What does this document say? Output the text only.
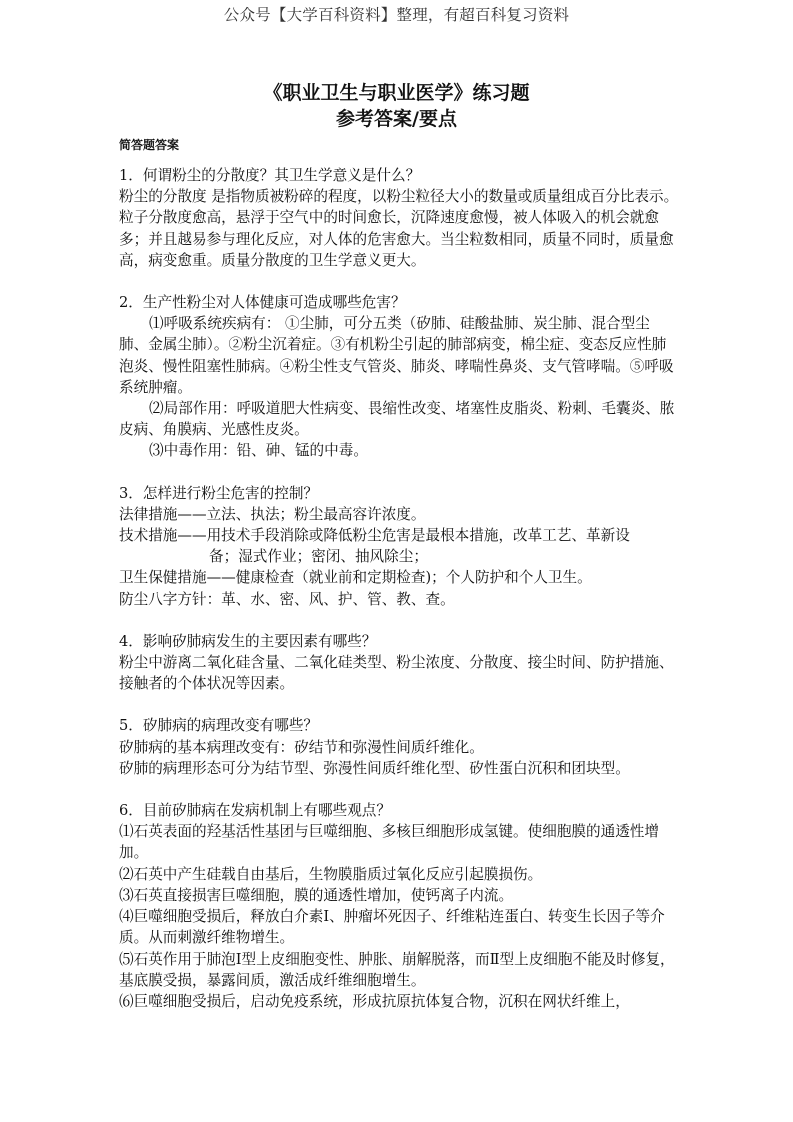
公众号【大学百科资料】整理，有超百科复习资料
《职业卫生与职业医学》练习题
参考答案/要点
简答题答案

1．何谓粉尘的分散度？其卫生学意义是什么？

粉尘的分散度 是指物质被粉碎的程度，以粉尘粒径大小的数量或质量组成百分比表示。

粒子分散度愈高，悬浮于空气中的时间愈长，沉降速度愈慢，被人体吸入的机会就愈多；并且越易参与理化反应，对人体的危害愈大。当尘粒数相同，质量不同时，质量愈高，病变愈重。质量分散度的卫生学意义更大。

2．生产性粉尘对人体健康可造成哪些危害？

⑴呼吸系统疾病有： ①尘肺，可分五类（矽肺、硅酸盐肺、炭尘肺、混合型尘肺、金属尘肺）。②粉尘沉着症。③有机粉尘引起的肺部病变，棉尘症、变态反应性肺泡炎、慢性阻塞性肺病。④粉尘性支气管炎、肺炎、哮喘性鼻炎、支气管哮喘。⑤呼吸系统肿瘤。

⑵局部作用：呼吸道肥大性病变、畏缩性改变、堵塞性皮脂炎、粉刺、毛囊炎、脓皮病、角膜病、光感性皮炎。

⑶中毒作用：铅、砷、锰的中毒。

3．怎样进行粉尘危害的控制？

法律措施——立法、执法；粉尘最高容许浓度。

技术措施——用技术手段消除或降低粉尘危害是最根本措施，改革工艺、革新设

备；湿式作业；密闭、抽风除尘；

卫生保健措施——健康检查（就业前和定期检查)；个人防护和个人卫生。

防尘八字方针：革、水、密、风、护、管、教、查。

4．影响矽肺病发生的主要因素有哪些？

粉尘中游离二氧化硅含量、二氧化硅类型、粉尘浓度、分散度、接尘时间、防护措施、接触者的个体状况等因素。

5．矽肺病的病理改变有哪些？

矽肺病的基本病理改变有：矽结节和弥漫性间质纤维化。

矽肺的病理形态可分为结节型、弥漫性间质纤维化型、矽性蛋白沉积和团块型。

6．目前矽肺病在发病机制上有哪些观点？

⑴石英表面的羟基活性基团与巨噬细胞、多核巨细胞形成氢键。使细胞膜的通透性增加。

⑵石英中产生硅载自由基后，生物膜脂质过氧化反应引起膜损伤。

⑶石英直接损害巨噬细胞，膜的通透性增加，使钙离子内流。

⑷巨噬细胞受损后，释放白介素Ⅰ、肿瘤坏死因子、纤维粘连蛋白、转变生长因子等介质。从而刺激纤维物增生。

⑸石英作用于肺泡Ⅰ型上皮细胞变性、肿胀、崩解脱落，而Ⅱ型上皮细胞不能及时修复，基底膜受损，暴露间质，激活成纤维细胞增生。

⑹巨噬细胞受损后，启动免疫系统，形成抗原抗体复合物，沉积在网状纤维上，
